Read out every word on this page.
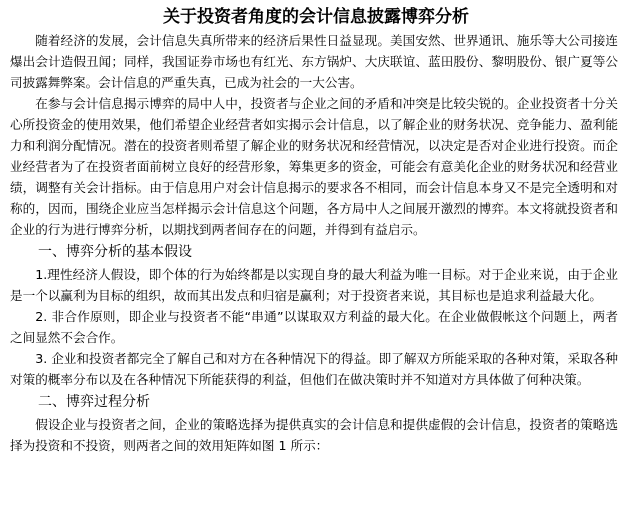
关于投资者角度的会计信息披露博弈分析

随着经济的发展，会计信息失真所带来的经济后果性日益显现。美国安然、世界通讯、施乐等大公司接连爆出会计造假丑闻；同样，我国证券市场也有红光、东方锅炉、大庆联谊、蓝田股份、黎明股份、银广夏等公司披露舞弊案。会计信息的严重失真，已成为社会的一大公害。

在参与会计信息揭示博弈的局中人中，投资者与企业之间的矛盾和冲突是比较尖锐的。企业投资者十分关心所投资金的使用效果，他们希望企业经营者如实揭示会计信息，以了解企业的财务状况、竞争能力、盈利能力和利润分配情况。潜在的投资者则希望了解企业的财务状况和经营情况，以决定是否对企业进行投资。而企业经营者为了在投资者面前树立良好的经营形象，筹集更多的资金，可能会有意美化企业的财务状况和经营业绩，调整有关会计指标。由于信息用户对会计信息揭示的要求各不相同，而会计信息本身又不是完全透明和对称的，因而，围绕企业应当怎样揭示会计信息这个问题，各方局中人之间展开激烈的博弈。本文将就投资者和企业的行为进行博弈分析，以期找到两者间存在的问题，并得到有益启示。

一、博弈分析的基本假设

1.理性经济人假设，即个体的行为始终都是以实现自身的最大利益为唯一目标。对于企业来说，由于企业是一个以赢利为目标的组织，故而其出发点和归宿是赢利；对于投资者来说，其目标也是追求利益最大化。

2. 非合作原则，即企业与投资者不能“串通”以谋取双方利益的最大化。在企业做假帐这个问题上，两者之间显然不会合作。

3. 企业和投资者都完全了解自己和对方在各种情况下的得益。即了解双方所能采取的各种对策，采取各种对策的概率分布以及在各种情况下所能获得的利益，但他们在做决策时并不知道对方具体做了何种决策。

二、博弈过程分析

假设企业与投资者之间，企业的策略选择为提供真实的会计信息和提供虚假的会计信息，投资者的策略选择为投资和不投资，则两者之间的效用矩阵如图 1 所示：
